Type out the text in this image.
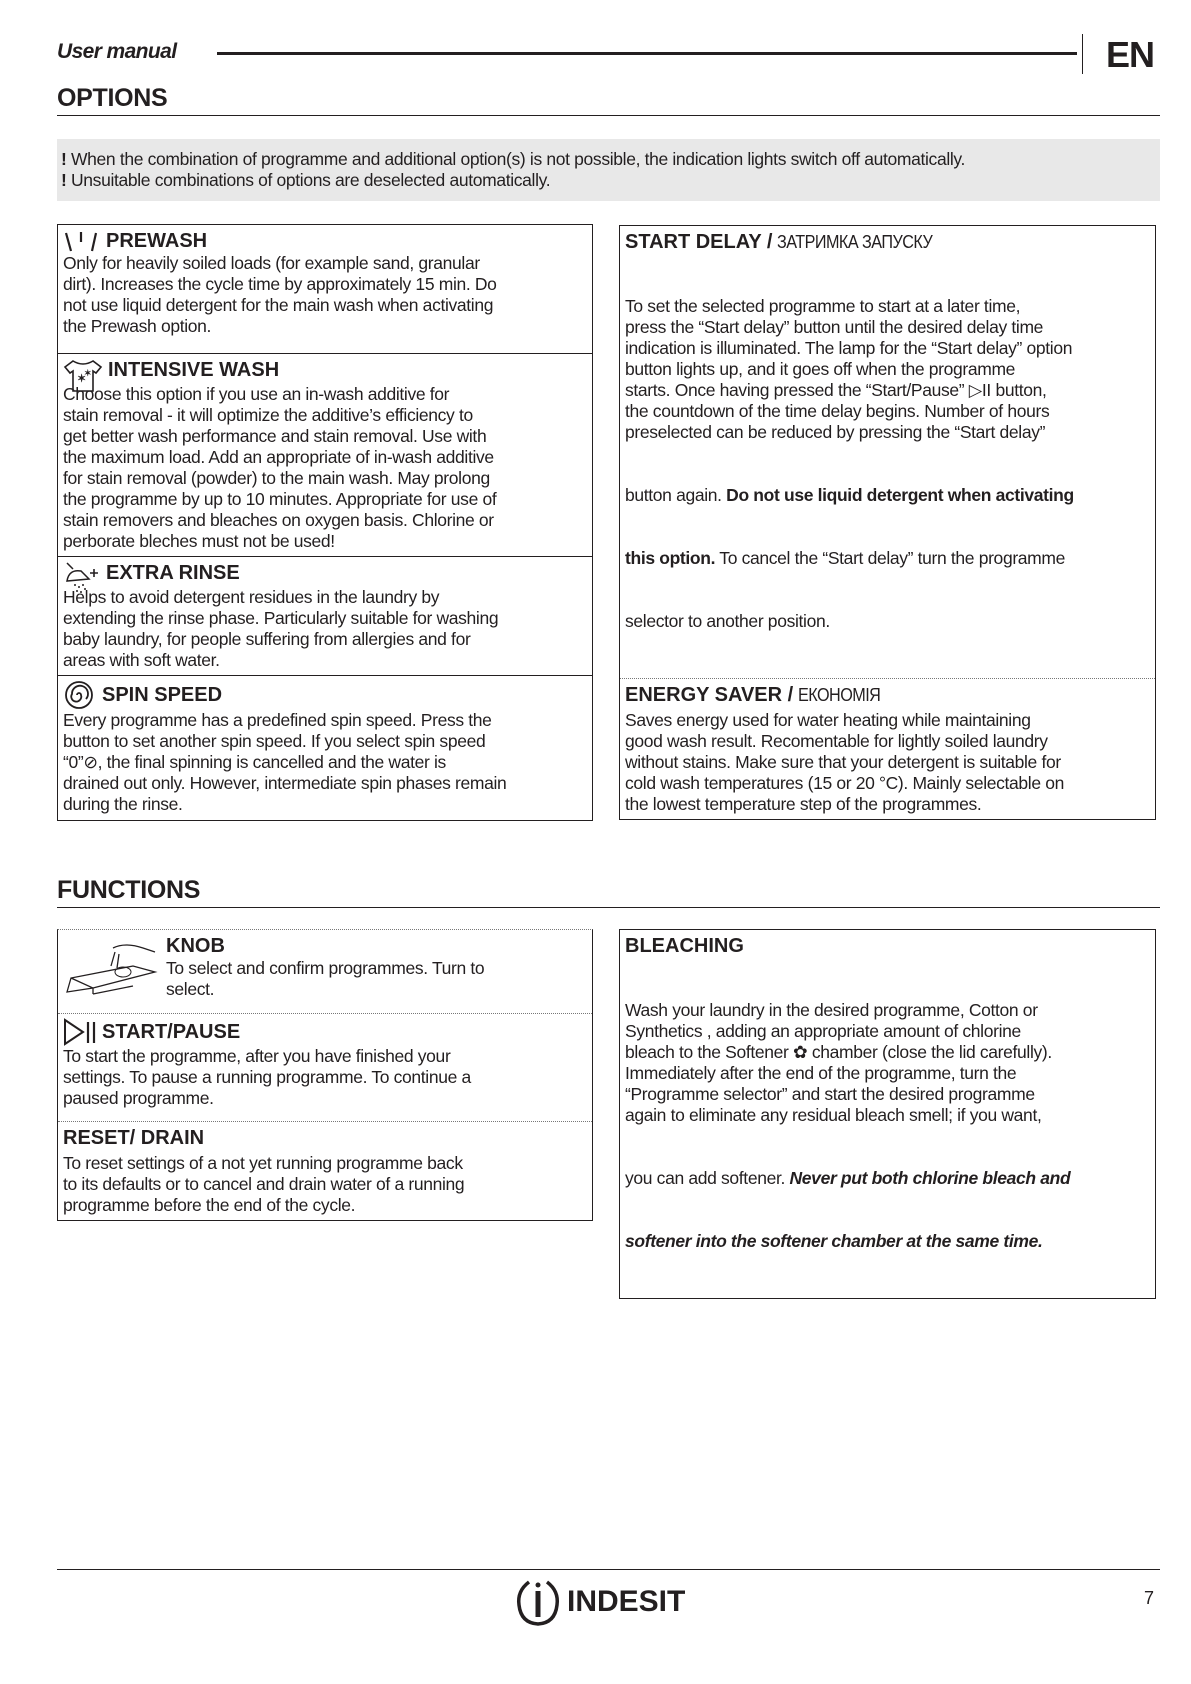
User manual	EN
OPTIONS
! When the combination of programme and additional option(s) is not possible, the indication lights switch off automatically.
! Unsuitable combinations of options are deselected automatically.
PREWASH
Only for heavily soiled loads (for example sand, granular
dirt). Increases the cycle time by approximately 15 min. Do
not use liquid detergent for the main wash when activating
the Prewash option.
✶
✶ INTENSIVE WASH
Choose this option if you use an in-wash additive for
stain removal - it will optimize the additive’s efficiency to
get better wash performance and stain removal. Use with
the maximum load. Add an appropriate of in-wash additive
for stain removal (powder) to the main wash. May prolong
the programme by up to 10 minutes. Appropriate for use of
stain removers and bleaches on oxygen basis. Chlorine or
perborate bleches must not be used!
EXTRA RINSE
Helps to avoid detergent residues in the laundry by
extending the rinse phase. Particularly suitable for washing
baby laundry, for people suffering from allergies and for
areas with soft water.
SPIN SPEED
Every programme has a predefined spin speed. Press the
button to set another spin speed. If you select spin speed
“0”⊘, the final spinning is cancelled and the water is
drained out only. However, intermediate spin phases remain
during the rinse.
START DELAY / ЗАТРИМКА ЗАПУСКУ

To set the selected programme to start at a later time,
press the “Start delay” button until the desired delay time
indication is illuminated. The lamp for the “Start delay” option
button lights up, and it goes off when the programme
starts. Once having pressed the “Start/Pause” ▷II button,
the countdown of the time delay begins. Number of hours
preselected can be reduced by pressing the “Start delay”

button again. Do not use liquid detergent when activating

this option. To cancel the “Start delay” turn the programme

selector to another position.

ENERGY SAVER / ЕКОНОМІЯ
Saves energy used for water heating while maintaining
good wash result. Recomentable for lightly soiled laundry
without stains. Make sure that your detergent is suitable for
cold wash temperatures (15 or 20 °C). Mainly selectable on
the lowest temperature step of the programmes.
FUNCTIONS
KNOB
To select and confirm programmes. Turn to
select.
START/PAUSE
To start the programme, after you have finished your
settings. To pause a running programme. To continue a
paused programme.
RESET/ DRAIN
To reset settings of a not yet running programme back
to its defaults or to cancel and drain water of a running
programme before the end of the cycle.
BLEACHING

Wash your laundry in the desired programme, Cotton or
Synthetics , adding an appropriate amount of chlorine
bleach to the Softener ✿ chamber (close the lid carefully).
Immediately after the end of the programme, turn the
“Programme selector” and start the desired programme
again to eliminate any residual bleach smell; if you want,

you can add softener. Never put both chlorine bleach and

softener into the softener chamber at the same time.

INDESIT	7
